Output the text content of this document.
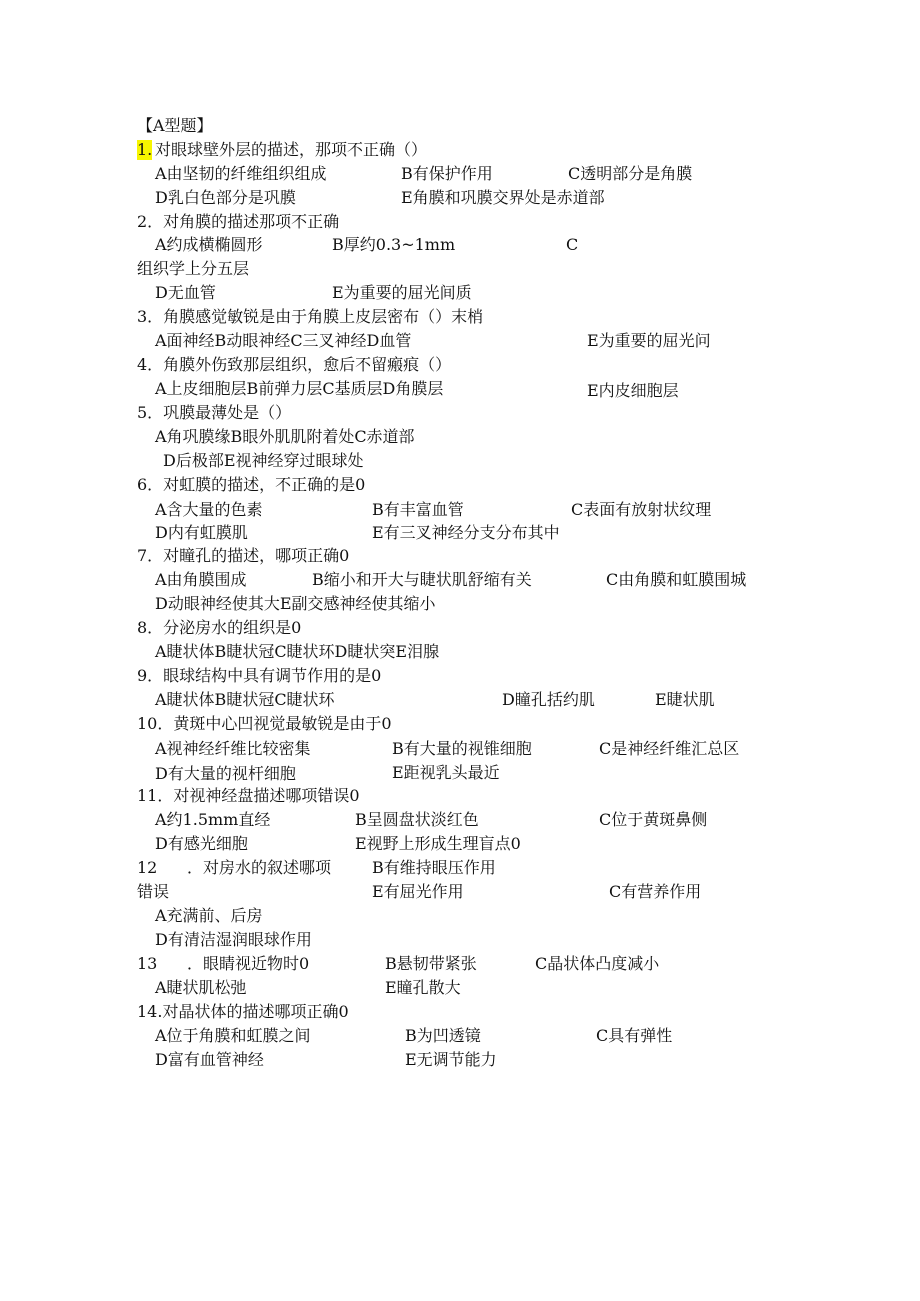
【A型题】
1. 对眼球壁外层的描述，那项不正确（）
A由坚韧的纤维组织组成	B有保护作用	C透明部分是角膜
D乳白色部分是巩膜	E角膜和巩膜交界处是赤道部
2．对角膜的描述那项不正确
A约成横椭圆形	B厚约0.3~1mm	C
组织学上分五层
D无血管	E为重要的屈光间质
3．角膜感觉敏锐是由于角膜上皮层密布（）末梢
A面神经B动眼神经C三叉神经D血管	E为重要的屈光问
4．角膜外伤致那层组织，愈后不留瘢痕（）
A上皮细胞层B前弹力层C基质层D角膜层	E内皮细胞层
5．巩膜最薄处是（）
A角巩膜缘B眼外肌肌附着处C赤道部
D后极部E视神经穿过眼球处
6．对虹膜的描述，不正确的是0
A含大量的色素	B有丰富血管	C表面有放射状纹理
D内有虹膜肌	E有三叉神经分支分布其中
7．对瞳孔的描述，哪项正确0
A由角膜围成	B缩小和开大与睫状肌舒缩有关	C由角膜和虹膜围城
D动眼神经使其大E副交感神经使其缩小
8．分泌房水的组织是0
A睫状体B睫状冠C睫状环D睫状突E泪腺
9．眼球结构中具有调节作用的是0
A睫状体B睫状冠C睫状环	D瞳孔括约肌	E睫状肌
10．黄斑中心凹视觉最敏锐是由于0
A视神经纤维比较密集	B有大量的视锥细胞	C是神经纤维汇总区
D有大量的视杆细胞	E距视乳头最近
11．对视神经盘描述哪项错误0
A约1.5mm直经	B呈圆盘状淡红色	C位于黄斑鼻侧
D有感光细胞	E视野上形成生理盲点0
12 ．对房水的叙述哪项	B有维持眼压作用
错误	E有屈光作用	C有营养作用
A充满前、后房
D有清洁湿润眼球作用
13 ．眼睛视近物时0	B悬韧带紧张	C晶状体凸度减小
A睫状肌松弛	E瞳孔散大
14.对晶状体的描述哪项正确0
A位于角膜和虹膜之间	B为凹透镜	C具有弹性
D富有血管神经	E无调节能力
